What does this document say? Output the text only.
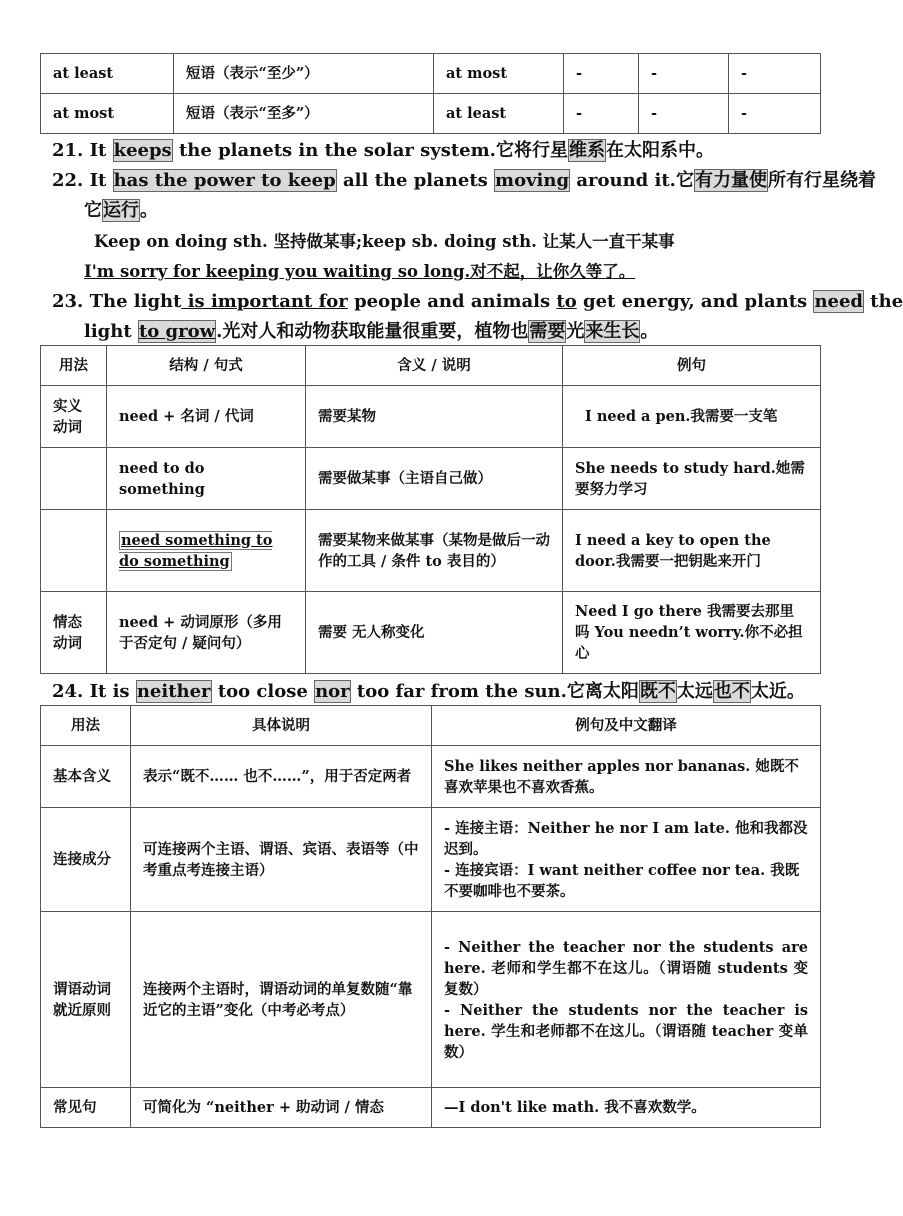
at least	短语（表示“至少”）	at most	-	-	-
at most	短语（表示“至多”）	at least	-	-	-
21. It keeps the planets in the solar system.它将行星维系在太阳系中。
22. It has the power to keep all the planets moving around it.它有力量使所有行星绕着
它运行。
Keep on doing sth. 坚持做某事;keep sb. doing sth. 让某人一直干某事
I'm sorry for keeping you waiting so long.对不起，让你久等了。
23. The light is important for people and animals to get energy, and plants need the
light to grow.光对人和动物获取能量很重要，植物也需要光来生长。
用法	结构 / 句式	含义 / 说明	例句
实义动词	need + 名词 / 代词	需要某物	I need a pen.我需要一支笔
	need to do something	需要做某事（主语自己做）	She needs to study hard.她需要努力学习
	need something to do something	需要某物来做某事（某物是做后一动作的工具 / 条件 to 表目的）	I need a key to open the door.我需要一把钥匙来开门
情态动词	need + 动词原形（多用于否定句 / 疑问句）	需要 无人称变化	Need I go there 我需要去那里吗 You needn’t worry.你不必担心
24. It is neither too close nor too far from the sun.它离太阳既不太远也不太近。
用法	具体说明	例句及中文翻译
基本含义	表示“既不…… 也不……”，用于否定两者	She likes neither apples nor bananas. 她既不喜欢苹果也不喜欢香蕉。
连接成分	可连接两个主语、谓语、宾语、表语等（中考重点考连接主语）	- 连接主语：Neither he nor I am late. 他和我都没迟到。
- 连接宾语：I want neither coffee nor tea. 我既不要咖啡也不要茶。
谓语动词就近原则	连接两个主语时，谓语动词的单复数随“靠近它的主语”变化（中考必考点）	- Neither the teacher nor the students are here. 老师和学生都不在这儿。（谓语随 students 变复数）
- Neither the students nor the teacher is here. 学生和老师都不在这儿。（谓语随 teacher 变单数）
常见句	可简化为 “neither + 助动词 / 情态	—I don't like math. 我不喜欢数学。
